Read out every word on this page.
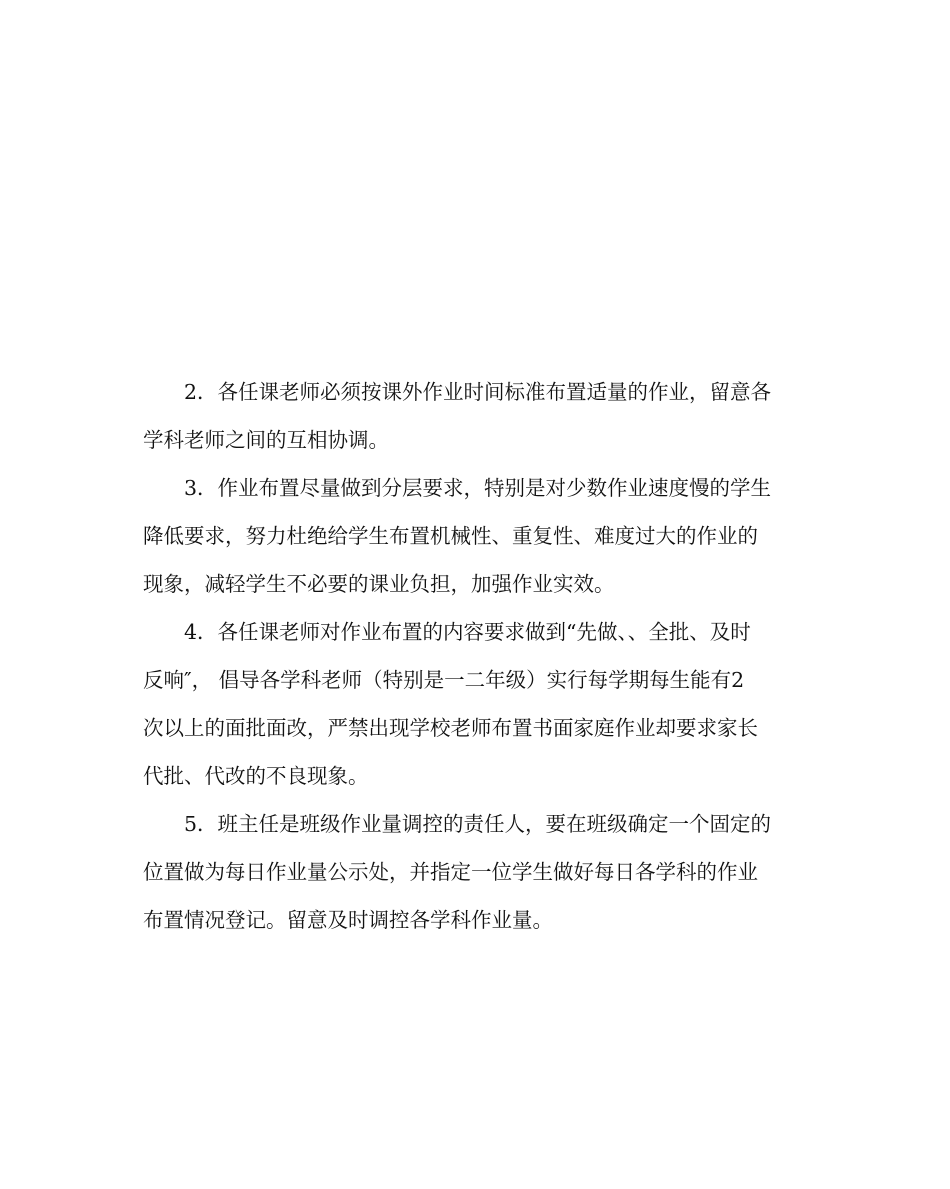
2．各任课老师必须按课外作业时间标准布置适量的作业，留意各

学科老师之间的互相协调。

3．作业布置尽量做到分层要求，特别是对少数作业速度慢的学生

降低要求，努力杜绝给学生布置机械性、重复性、难度过大的作业的

现象，减轻学生不必要的课业负担，加强作业实效。

4．各任课老师对作业布置的内容要求做到“先做、、全批、及时

反响″， 倡导各学科老师（特别是一二年级）实行每学期每生能有2

次以上的面批面改，严禁出现学校老师布置书面家庭作业却要求家长

代批、代改的不良现象。

5．班主任是班级作业量调控的责任人，要在班级确定一个固定的

位置做为每日作业量公示处，并指定一位学生做好每日各学科的作业

布置情况登记。留意及时调控各学科作业量。
